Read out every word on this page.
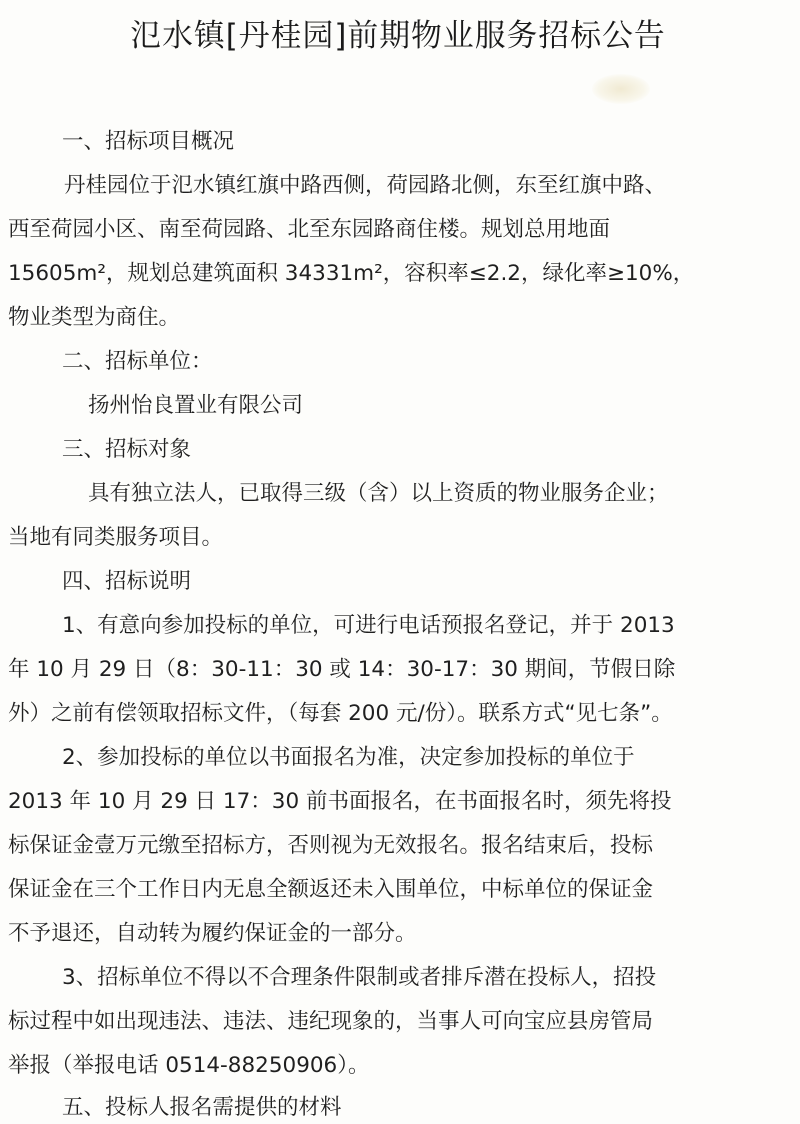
氾水镇[丹桂园]前期物业服务招标公告
一、招标项目概况
丹桂园位于氾水镇红旗中路西侧，荷园路北侧，东至红旗中路、
西至荷园小区、南至荷园路、北至东园路商住楼。规划总用地面
15605m²，规划总建筑面积 34331m²，容积率≤2.2，绿化率≥10%，
物业类型为商住。
二、招标单位：
扬州怡良置业有限公司
三、招标对象
具有独立法人，已取得三级（含）以上资质的物业服务企业；
当地有同类服务项目。
四、招标说明
1、有意向参加投标的单位，可进行电话预报名登记，并于 2013
年 10 月 29 日（8：30-11：30 或 14：30-17：30 期间，节假日除
外）之前有偿领取招标文件，（每套 200 元/份）。联系方式“见七条”。
2、参加投标的单位以书面报名为准，决定参加投标的单位于
2013 年 10 月 29 日 17：30 前书面报名，在书面报名时，须先将投
标保证金壹万元缴至招标方，否则视为无效报名。报名结束后，投标
保证金在三个工作日内无息全额返还未入围单位，中标单位的保证金
不予退还，自动转为履约保证金的一部分。
3、招标单位不得以不合理条件限制或者排斥潜在投标人，招投
标过程中如出现违法、违法、违纪现象的，当事人可向宝应县房管局
举报（举报电话 0514-88250906）。
五、投标人报名需提供的材料
